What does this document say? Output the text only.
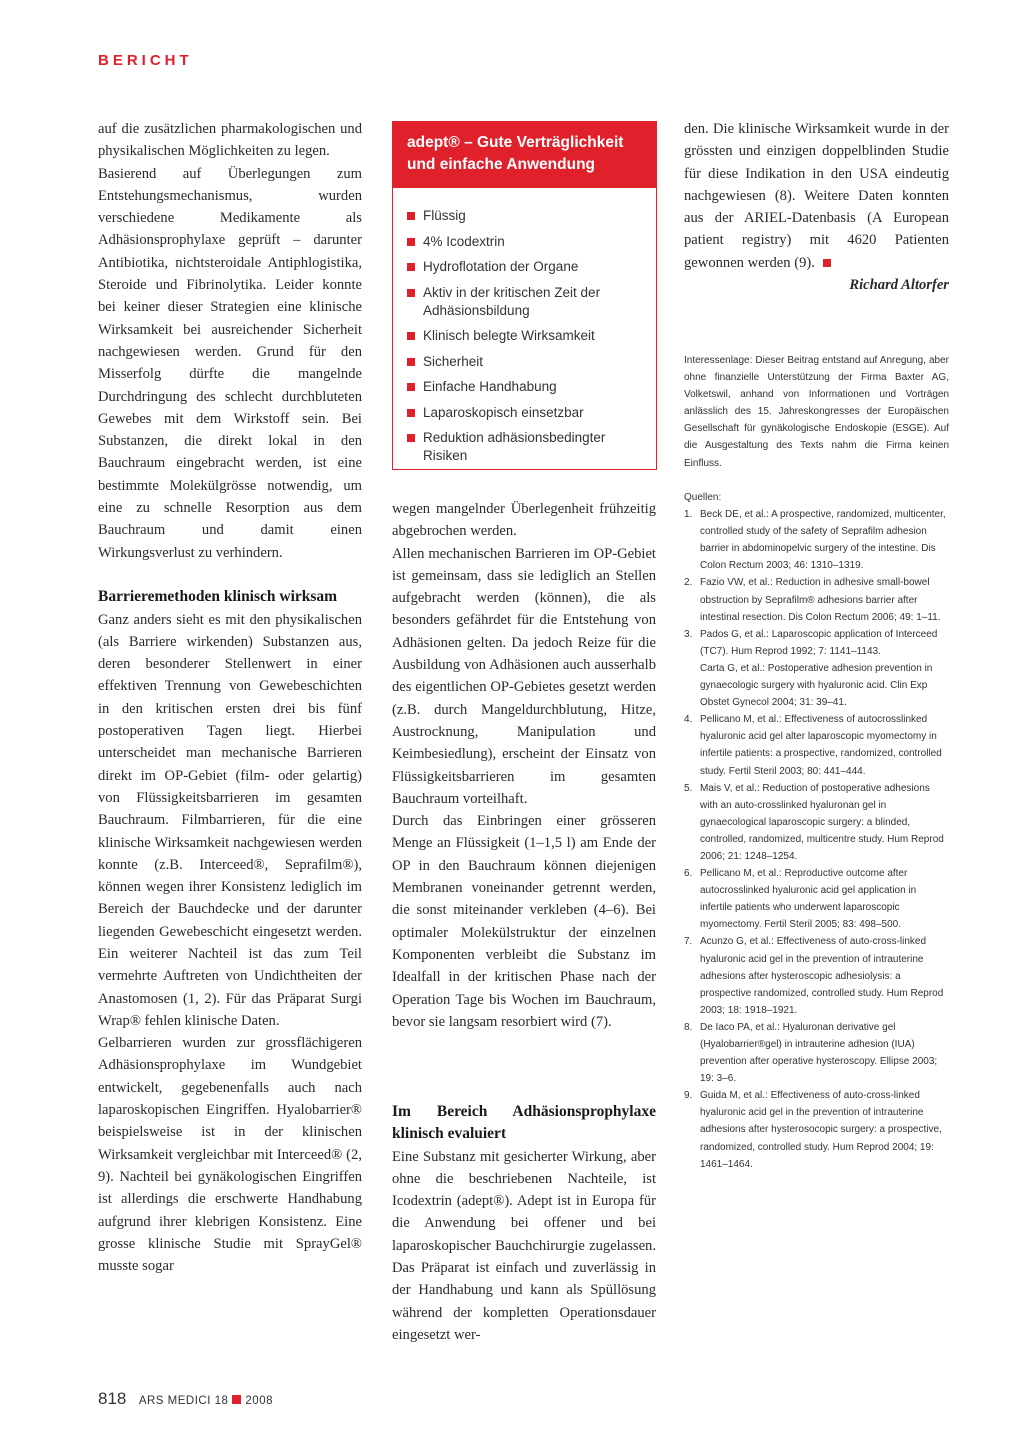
BERICHT

auf die zusätzlichen pharmakologischen und physikalischen Möglichkeiten zu legen.

Basierend auf Überlegungen zum Entstehungsmechanismus, wurden verschiedene Medikamente als Adhäsionsprophylaxe geprüft – darunter Antibiotika, nichtsteroidale Antiphlogistika, Steroide und Fibrinolytika. Leider konnte bei keiner dieser Strategien eine klinische Wirksamkeit bei ausreichender Sicherheit nachgewiesen werden. Grund für den Misserfolg dürfte die mangelnde Durchdringung des schlecht durchbluteten Gewebes mit dem Wirkstoff sein. Bei Substanzen, die direkt lokal in den Bauchraum eingebracht werden, ist eine bestimmte Molekülgrösse notwendig, um eine zu schnelle Resorption aus dem Bauchraum und damit einen Wirkungsverlust zu verhindern.

Barrieremethoden klinisch wirksam

Ganz anders sieht es mit den physikalischen (als Barriere wirkenden) Substanzen aus, deren besonderer Stellenwert in einer effektiven Trennung von Gewebeschichten in den kritischen ersten drei bis fünf postoperativen Tagen liegt. Hierbei unterscheidet man mechanische Barrieren direkt im OP-Gebiet (film- oder gelartig) von Flüssigkeitsbarrieren im gesamten Bauchraum. Filmbarrieren, für die eine klinische Wirksamkeit nachgewiesen werden konnte (z.B. Interceed®, Seprafilm®), können wegen ihrer Konsistenz lediglich im Bereich der Bauchdecke und der darunter liegenden Gewebeschicht eingesetzt werden. Ein weiterer Nachteil ist das zum Teil vermehrte Auftreten von Undichtheiten der Anastomosen (1, 2). Für das Präparat Surgi Wrap® fehlen klinische Daten.

Gelbarrieren wurden zur grossflächigeren Adhäsionsprophylaxe im Wundgebiet entwickelt, gegebenenfalls auch nach laparoskopischen Eingriffen. Hyalobarrier® beispielsweise ist in der klinischen Wirksamkeit vergleichbar mit Interceed® (2, 9). Nachteil bei gynäkologischen Eingriffen ist allerdings die erschwerte Handhabung aufgrund ihrer klebrigen Konsistenz. Eine grosse klinische Studie mit SprayGel® musste sogar

adept® – Gute Verträglichkeit und einfache Anwendung
Flüssig
4% Icodextrin
Hydroflotation der Organe
Aktiv in der kritischen Zeit der Adhäsionsbildung
Klinisch belegte Wirksamkeit
Sicherheit
Einfache Handhabung
Laparoskopisch einsetzbar
Reduktion adhäsionsbedingter Risiken

wegen mangelnder Überlegenheit frühzeitig abgebrochen werden.

Allen mechanischen Barrieren im OP-Gebiet ist gemeinsam, dass sie lediglich an Stellen aufgebracht werden (können), die als besonders gefährdet für die Entstehung von Adhäsionen gelten. Da jedoch Reize für die Ausbildung von Adhäsionen auch ausserhalb des eigentlichen OP-Gebietes gesetzt werden (z.B. durch Mangeldurchblutung, Hitze, Austrocknung, Manipulation und Keimbesiedlung), erscheint der Einsatz von Flüssigkeitsbarrieren im gesamten Bauchraum vorteilhaft.

Durch das Einbringen einer grösseren Menge an Flüssigkeit (1–1,5 l) am Ende der OP in den Bauchraum können diejenigen Membranen voneinander getrennt werden, die sonst miteinander verkleben (4–6). Bei optimaler Molekülstruktur der einzelnen Komponenten verbleibt die Substanz im Idealfall in der kritischen Phase nach der Operation Tage bis Wochen im Bauchraum, bevor sie langsam resorbiert wird (7).

Im Bereich Adhäsionsprophylaxe klinisch evaluiert

Eine Substanz mit gesicherter Wirkung, aber ohne die beschriebenen Nachteile, ist Icodextrin (adept®). Adept ist in Europa für die Anwendung bei offener und bei laparoskopischer Bauchchirurgie zugelassen. Das Präparat ist einfach und zuverlässig in der Handhabung und kann als Spüllösung während der kompletten Operationsdauer eingesetzt wer-

den. Die klinische Wirksamkeit wurde in der grössten und einzigen doppelblinden Studie für diese Indikation in den USA eindeutig nachgewiesen (8). Weitere Daten konnten aus der ARIEL-Datenbasis (A European patient registry) mit 4620 Patienten gewonnen werden (9).

Richard Altorfer

Interessenlage: Dieser Beitrag entstand auf Anregung, aber ohne finanzielle Unterstützung der Firma Baxter AG, Volketswil, anhand von Informationen und Vorträgen anlässlich des 15. Jahreskongresses der Europäischen Gesellschaft für gynäkologische Endoskopie (ESGE). Auf die Ausgestaltung des Texts nahm die Firma keinen Einfluss.
Quellen:
1. Beck DE, et al.: A prospective, randomized, multicenter, controlled study of the safety of Seprafilm adhesion barrier in abdominopelvic surgery of the intestine. Dis Colon Rectum 2003; 46: 1310–1319.
2. Fazio VW, et al.: Reduction in adhesive small-bowel obstruction by Seprafilm® adhesions barrier after intestinal resection. Dis Colon Rectum 2006; 49: 1–11.
3. Pados G, et al.: Laparoscopic application of Interceed (TC7). Hum Reprod 1992; 7: 1141–1143.
Carta G, et al.: Postoperative adhesion prevention in gynaecologic surgery with hyaluronic acid. Clin Exp Obstet Gynecol 2004; 31: 39–41.
4. Pellicano M, et al.: Effectiveness of autocrosslinked hyaluronic acid gel alter laparoscopic myomectomy in infertile patients: a prospective, randomized, controlled study. Fertil Steril 2003; 80: 441–444.
5. Mais V, et al.: Reduction of postoperative adhesions with an auto-crosslinked hyaluronan gel in gynaecological laparoscopic surgery: a blinded, controlled, randomized, multicentre study. Hum Reprod 2006; 21: 1248–1254.
6. Pellicano M, et al.: Reproductive outcome after autocrosslinked hyaluronic acid gel application in infertile patients who underwent laparoscopic myomectomy. Fertil Steril 2005; 83: 498–500.
7. Acunzo G, et al.: Effectiveness of auto-cross-linked hyaluronic acid gel in the prevention of intrauterine adhesions after hysteroscopic adhesiolysis: a prospective randomized, controlled study. Hum Reprod 2003; 18: 1918–1921.
8. De Iaco PA, et al.: Hyaluronan derivative gel (Hyalobarrier®gel) in intrauterine adhesion (IUA) prevention after operative hysteroscopy. Ellipse 2003; 19: 3–6.
9. Guida M, et al.: Effectiveness of auto-cross-linked hyaluronic acid gel in the prevention of intrauterine adhesions after hysterosocopic surgery: a prospective, randomized, controlled study. Hum Reprod 2004; 19: 1461–1464.
818 ARS MEDICI 18 2008
